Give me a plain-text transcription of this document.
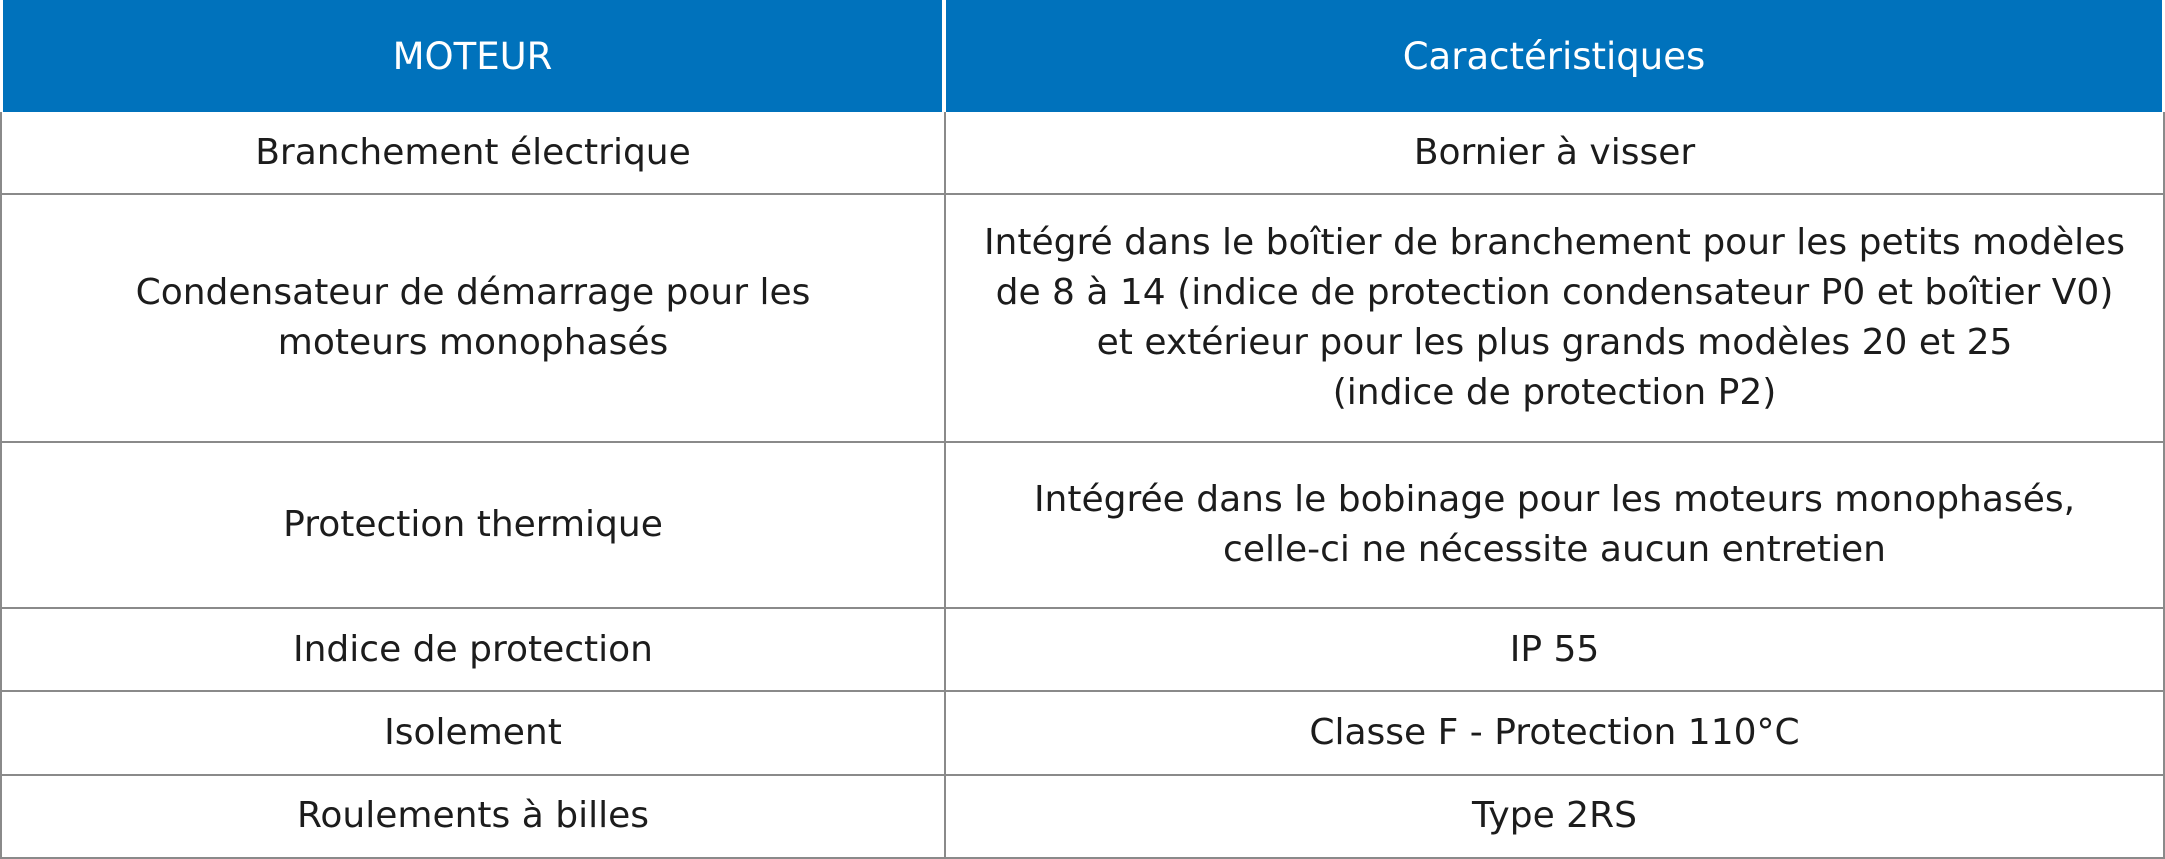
MOTEUR	Caractéristiques
Branchement électrique	Bornier à visser

Condensateur de démarrage pour les
moteurs monophasés	Intégré dans le boîtier de branchement pour les petits modèles
de 8 à 14 (indice de protection condensateur P0 et boîtier V0)
et extérieur pour les plus grands modèles 20 et 25
(indice de protection P2)

Protection thermique	Intégrée dans le bobinage pour les moteurs monophasés,
celle-ci ne nécessite aucun entretien

Indice de protection	IP 55

Isolement	Classe F - Protection 110°C

Roulements à billes	Type 2RS
